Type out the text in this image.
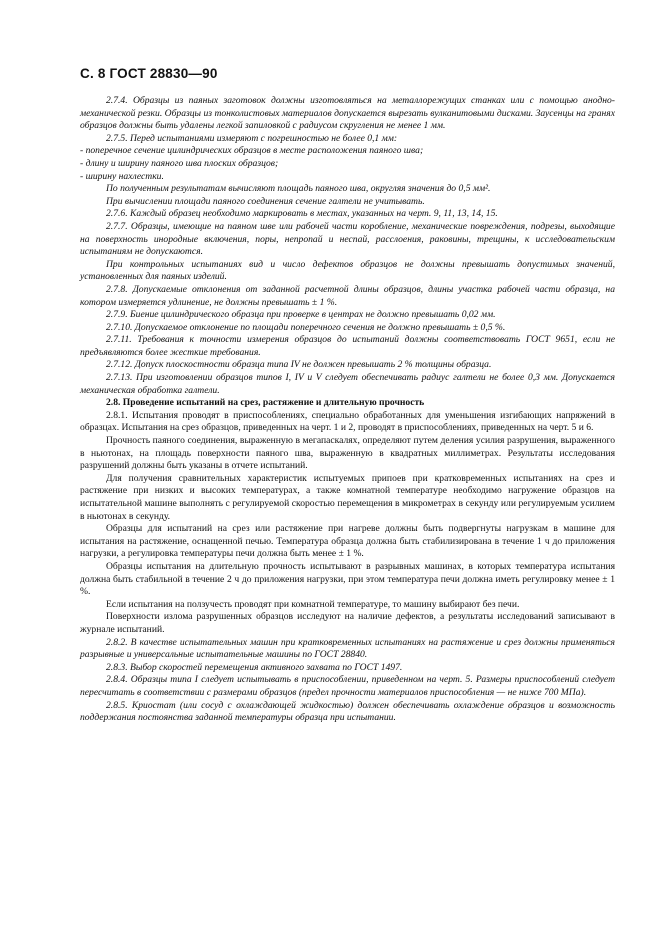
С. 8 ГОСТ 28830—90

2.7.4. Образцы из паяных заготовок должны изготовляться на металлорежущих станках или с помощью анодно-механической резки. Образцы из тонколистовых материалов допускается вырезать вулканитовыми дисками. Заусенцы на гранях образцов должны быть удалены легкой запиловкой с радиусом скругления не менее 1 мм.

2.7.5. Перед испытаниями измеряют с погрешностью не более 0,1 мм:

- поперечное сечение цилиндрических образцов в месте расположения паяного шва;

- длину и ширину паяного шва плоских образцов;

- ширину нахлестки.

По полученным результатам вычисляют площадь паяного шва, округляя значения до 0,5 мм².

При вычислении площади паяного соединения сечение галтели не учитывать.

2.7.6. Каждый образец необходимо маркировать в местах, указанных на черт. 9, 11, 13, 14, 15.

2.7.7. Образцы, имеющие на паяном шве или рабочей части коробление, механические повреждения, подрезы, выходящие на поверхность инородные включения, поры, непропай и неспай, расслоения, раковины, трещины, к исследовательским испытаниям не допускаются.

При контрольных испытаниях вид и число дефектов образцов не должны превышать допустимых значений, установленных для паяных изделий.

2.7.8. Допускаемые отклонения от заданной расчетной длины образцов, длины участка рабочей части образца, на котором измеряется удлинение, не должны превышать ± 1 %.

2.7.9. Биение цилиндрического образца при проверке в центрах не должно превышать 0,02 мм.

2.7.10. Допускаемое отклонение по площади поперечного сечения не должно превышать ± 0,5 %.

2.7.11. Требования к точности измерения образцов до испытаний должны соответствовать ГОСТ 9651, если не предъявляются более жесткие требования.

2.7.12. Допуск плоскостности образца типа IV не должен превышать 2 % толщины образца.

2.7.13. При изготовлении образцов типов I, IV и V следует обеспечивать радиус галтели не более 0,3 мм. Допускается механическая обработка галтели.

2.8. Проведение испытаний на срез, растяжение и длительную прочность

2.8.1. Испытания проводят в приспособлениях, специально обработанных для уменьшения изгибающих напряжений в образцах. Испытания на срез образцов, приведенных на черт. 1 и 2, проводят в приспособлениях, приведенных на черт. 5 и 6.

Прочность паяного соединения, выраженную в мегапаскалях, определяют путем деления усилия разрушения, выраженного в ньютонах, на площадь поверхности паяного шва, выраженную в квадратных миллиметрах. Результаты исследования разрушений должны быть указаны в отчете испытаний.

Для получения сравнительных характеристик испытуемых припоев при кратковременных испытаниях на срез и растяжение при низких и высоких температурах, а также комнатной температуре необходимо нагружение образцов на испытательной машине выполнять с регулируемой скоростью перемещения в микрометрах в секунду или регулируемым усилием в ньютонах в секунду.

Образцы для испытаний на срез или растяжение при нагреве должны быть подвергнуты нагрузкам в машине для испытания на растяжение, оснащенной печью. Температура образца должна быть стабилизирована в течение 1 ч до приложения нагрузки, а регулировка температуры печи должна быть менее ± 1 %.

Образцы испытания на длительную прочность испытывают в разрывных машинах, в которых температура испытания должна быть стабильной в течение 2 ч до приложения нагрузки, при этом температура печи должна иметь регулировку менее ± 1 %.

Если испытания на ползучесть проводят при комнатной температуре, то машину выбирают без печи.

Поверхности излома разрушенных образцов исследуют на наличие дефектов, а результаты исследований записывают в журнале испытаний.

2.8.2. В качестве испытательных машин при кратковременных испытаниях на растяжение и срез должны применяться разрывные и универсальные испытательные машины по ГОСТ 28840.

2.8.3. Выбор скоростей перемещения активного захвата по ГОСТ 1497.

2.8.4. Образцы типа I следует испытывать в приспособлении, приведенном на черт. 5. Размеры приспособлений следует пересчитать в соответствии с размерами образцов (предел прочности материалов приспособления — не ниже 700 МПа).

2.8.5. Криостат (или сосуд с охлаждающей жидкостью) должен обеспечивать охлаждение образцов и возможность поддержания постоянства заданной температуры образца при испытании.
